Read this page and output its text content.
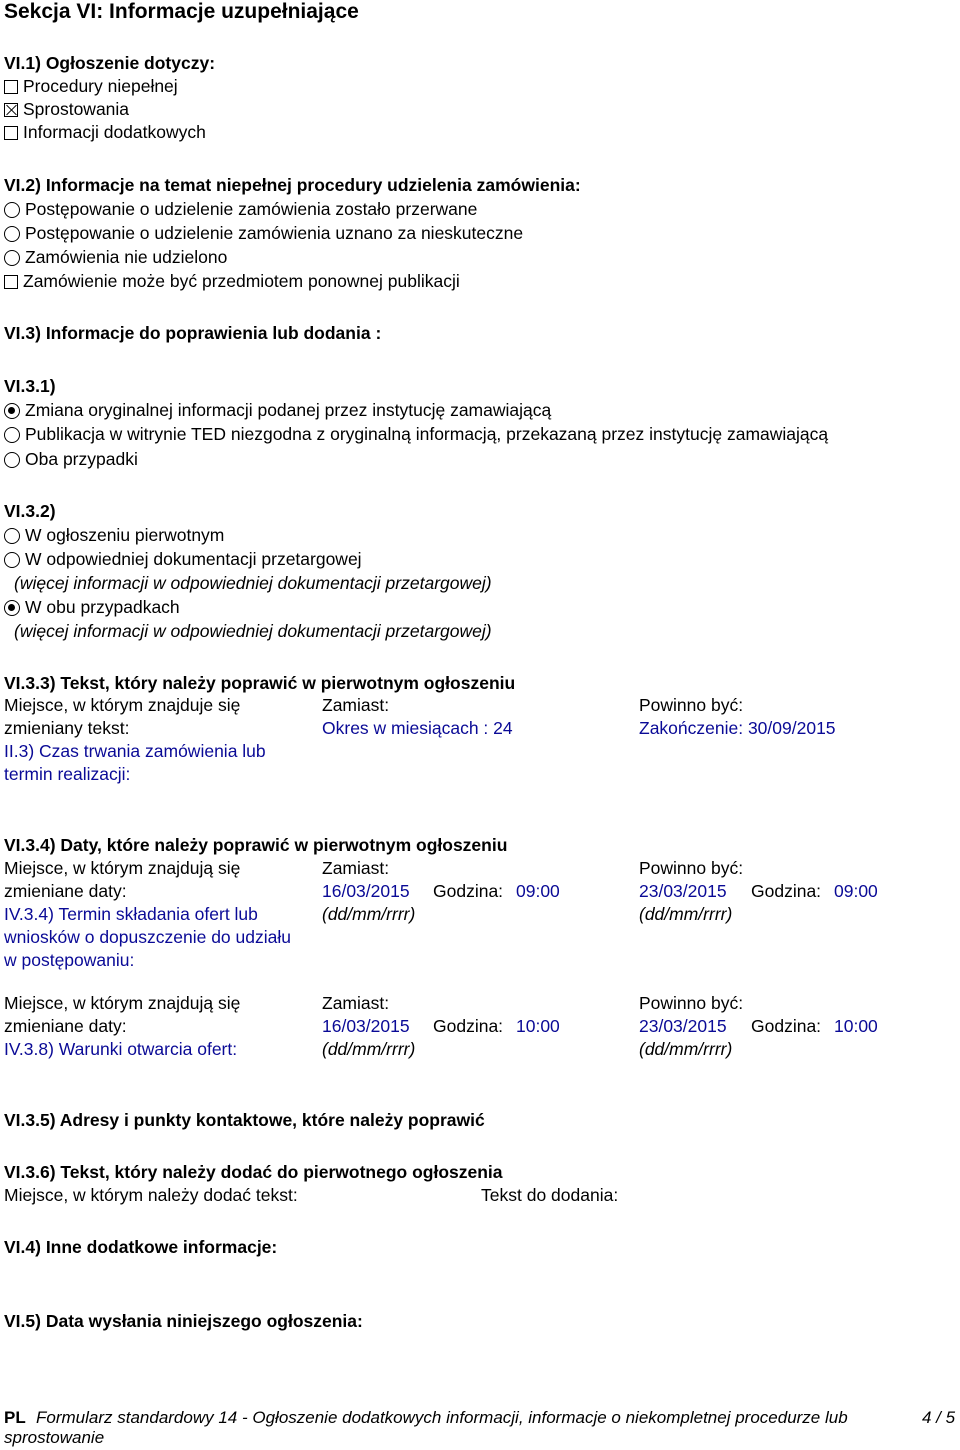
Sekcja VI: Informacje uzupełniające
VI.1) Ogłoszenie dotyczy:
Procedury niepełnej
Sprostowania
Informacji dodatkowych
VI.2) Informacje na temat niepełnej procedury udzielenia zamówienia:
Postępowanie o udzielenie zamówienia zostało przerwane
Postępowanie o udzielenie zamówienia uznano za nieskuteczne
Zamówienia nie udzielono
Zamówienie może być przedmiotem ponownej publikacji
VI.3) Informacje do poprawienia lub dodania :
VI.3.1)
Zmiana oryginalnej informacji podanej przez instytucję zamawiającą
Publikacja w witrynie TED niezgodna z oryginalną informacją, przekazaną przez instytucję zamawiającą
Oba przypadki
VI.3.2)
W ogłoszeniu pierwotnym
W odpowiedniej dokumentacji przetargowej
(więcej informacji w odpowiedniej dokumentacji przetargowej)
W obu przypadkach
(więcej informacji w odpowiedniej dokumentacji przetargowej)
VI.3.3) Tekst, który należy poprawić w pierwotnym ogłoszeniu
Miejsce, w którym znajduje się
zmieniany tekst:
II.3) Czas trwania zamówienia lub
termin realizacji:
Zamiast:
Okres w miesiącach : 24
Powinno być:
Zakończenie: 30/09/2015
VI.3.4) Daty, które należy poprawić w pierwotnym ogłoszeniu
Miejsce, w którym znajdują się
zmieniane daty:
IV.3.4) Termin składania ofert lub
wniosków o dopuszczenie do udziału
w postępowaniu:
Zamiast:
16/03/2015 Godzina: 09:00
(dd/mm/rrrr)
Powinno być:
23/03/2015 Godzina: 09:00
(dd/mm/rrrr)
Miejsce, w którym znajdują się
zmieniane daty:
IV.3.8) Warunki otwarcia ofert:
Zamiast:
16/03/2015 Godzina: 10:00
(dd/mm/rrrr)
Powinno być:
23/03/2015 Godzina: 10:00
(dd/mm/rrrr)
VI.3.5) Adresy i punkty kontaktowe, które należy poprawić
VI.3.6) Tekst, który należy dodać do pierwotnego ogłoszenia
Miejsce, w którym należy dodać tekst:	Tekst do dodania:
VI.4) Inne dodatkowe informacje:
VI.5) Data wysłania niniejszego ogłoszenia:
PL Formularz standardowy 14 - Ogłoszenie dodatkowych informacji, informacje o niekompletnej procedurze lub
sprostowanie
4 / 5
